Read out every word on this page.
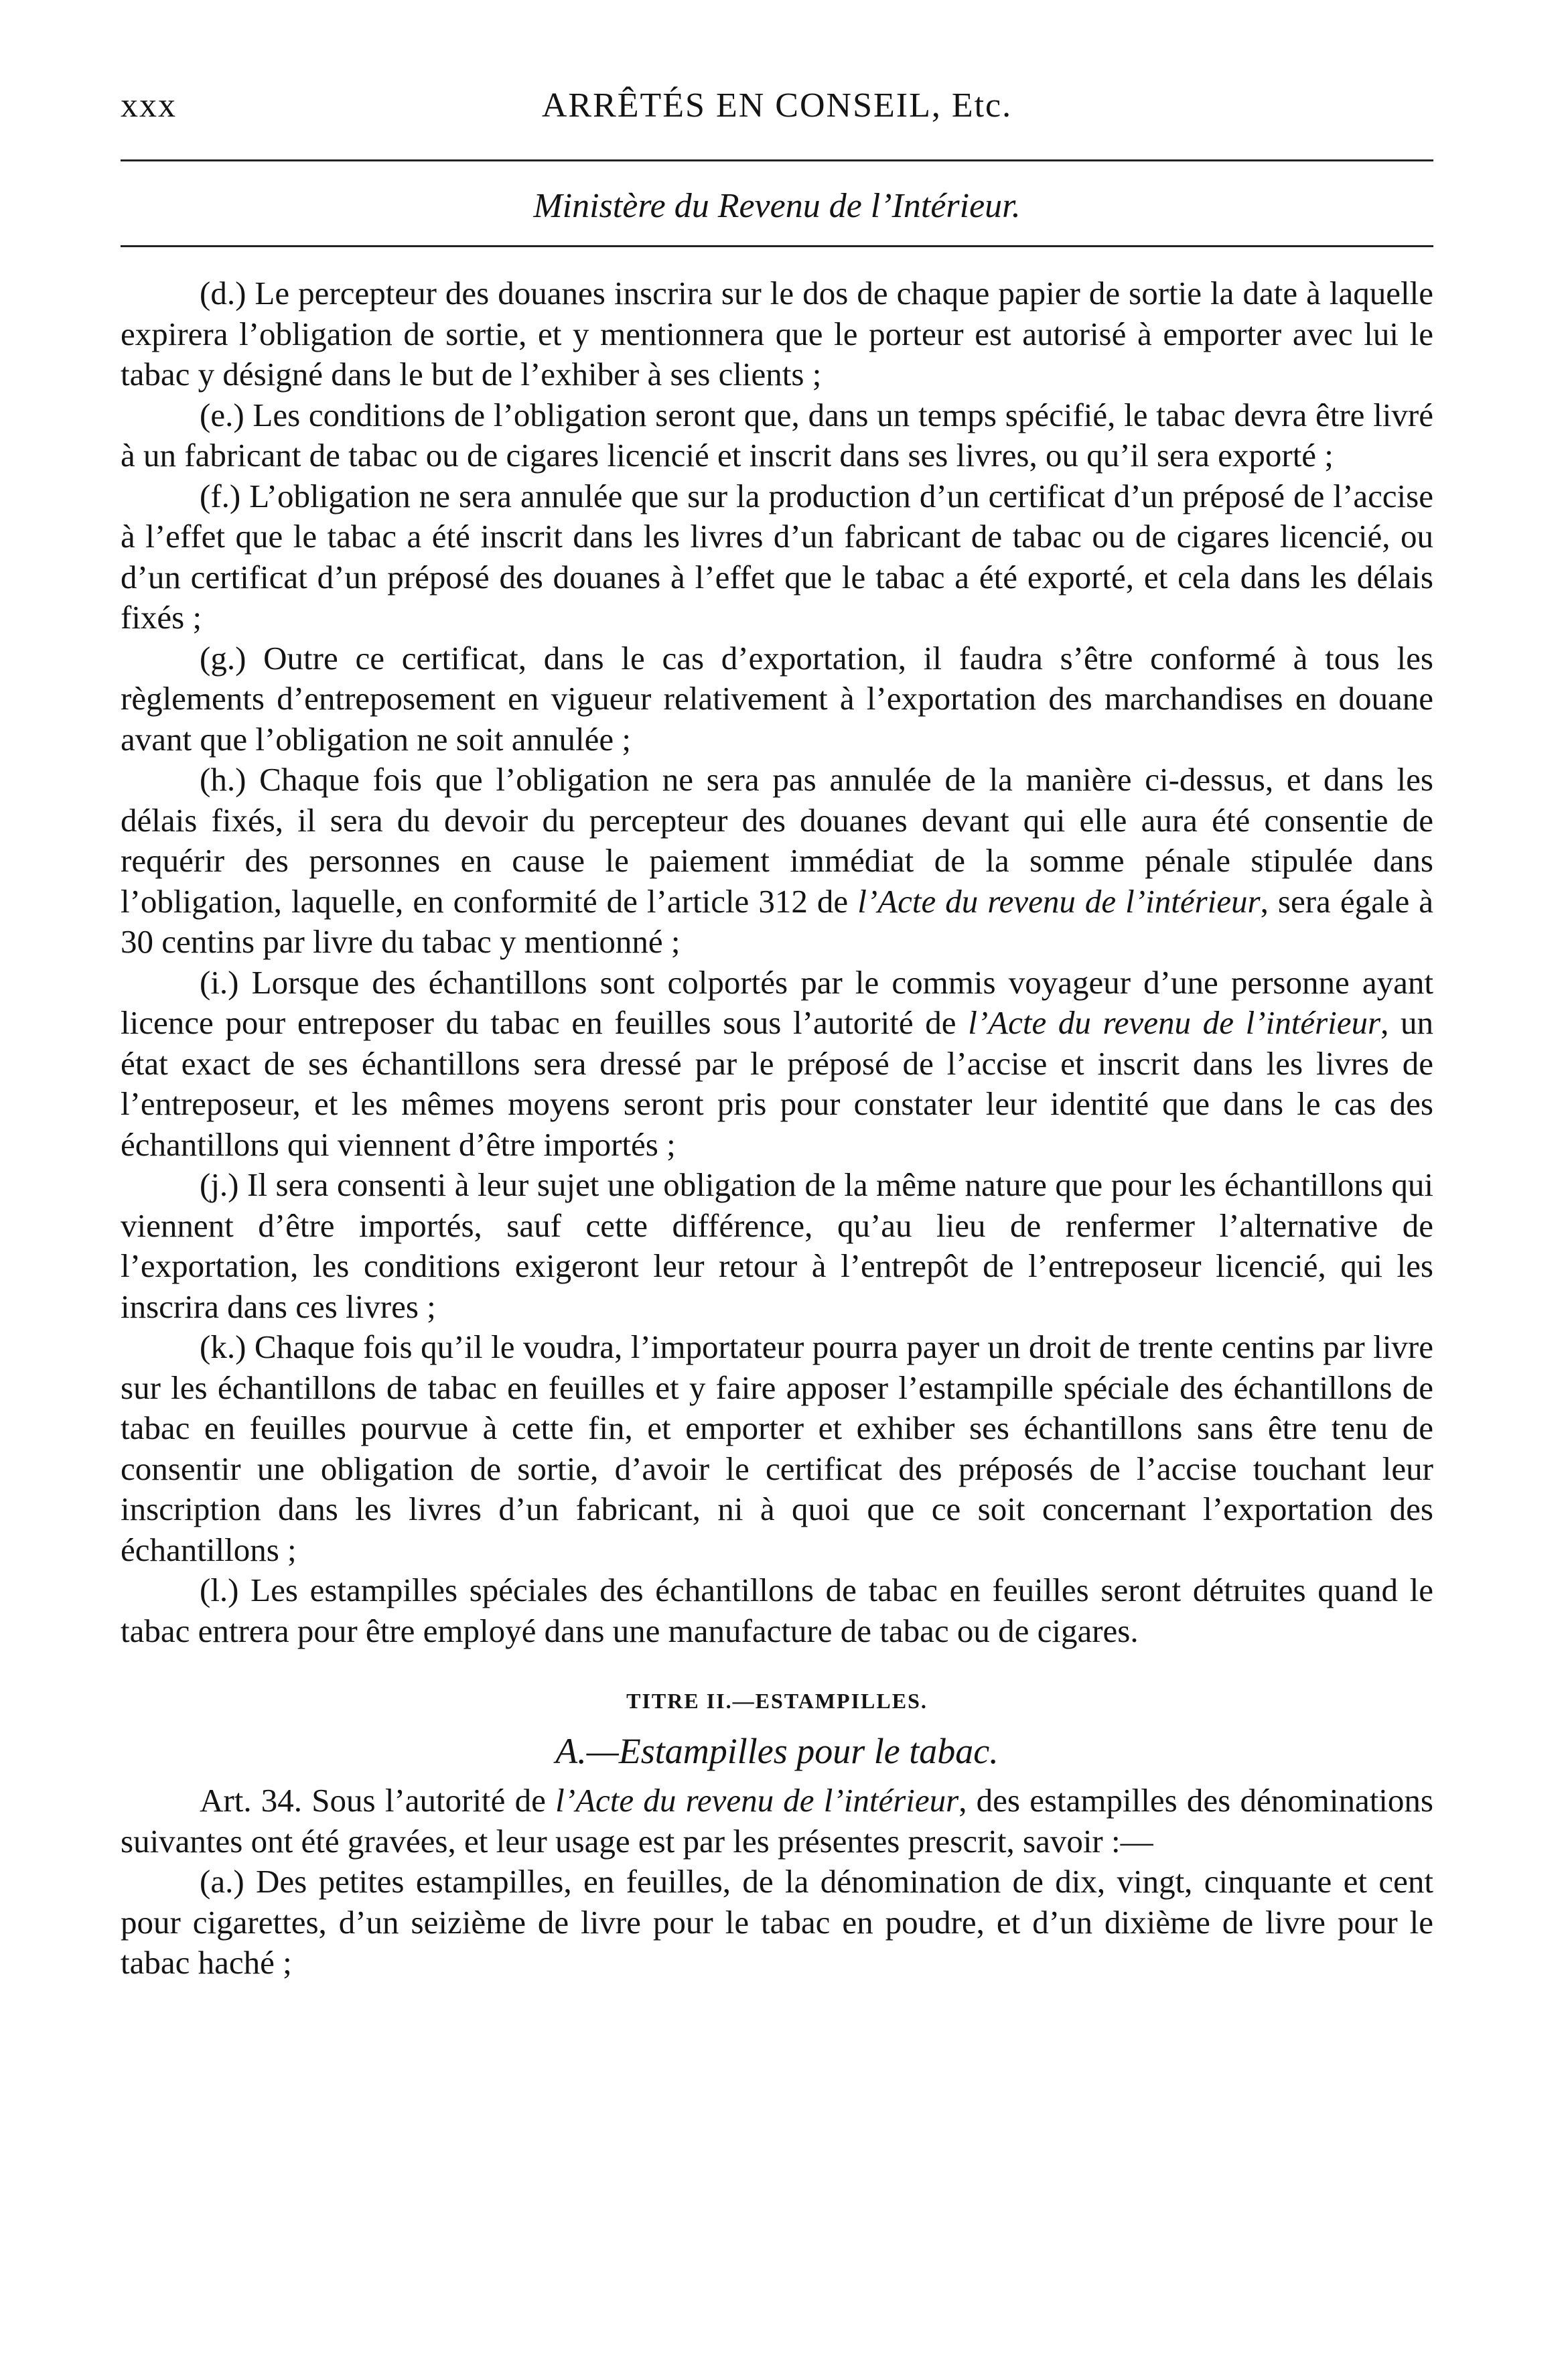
xxx	ARRÊTÉS EN CONSEIL, Etc.
Ministère du Revenu de l’Intérieur.

(d.) Le percepteur des douanes inscrira sur le dos de chaque papier de sortie la date à laquelle expirera l’obligation de sortie, et y mentionnera que le porteur est autorisé à emporter avec lui le tabac y désigné dans le but de l’exhiber à ses clients ;

(e.) Les conditions de l’obligation seront que, dans un temps spécifié, le tabac devra être livré à un fabricant de tabac ou de cigares licencié et inscrit dans ses livres, ou qu’il sera exporté ;

(f.) L’obligation ne sera annulée que sur la production d’un certificat d’un préposé de l’accise à l’effet que le tabac a été inscrit dans les livres d’un fabricant de tabac ou de cigares licencié, ou d’un certificat d’un préposé des douanes à l’effet que le tabac a été exporté, et cela dans les délais fixés ;

(g.) Outre ce certificat, dans le cas d’exportation, il faudra s’être conformé à tous les règlements d’entreposement en vigueur relativement à l’exportation des marchandises en douane avant que l’obligation ne soit annulée ;

(h.) Chaque fois que l’obligation ne sera pas annulée de la manière ci-dessus, et dans les délais fixés, il sera du devoir du percepteur des douanes devant qui elle aura été consentie de requérir des personnes en cause le paiement immédiat de la somme pénale stipulée dans l’obligation, laquelle, en conformité de l’article 312 de l’Acte du revenu de l’intérieur, sera égale à 30 centins par livre du tabac y mentionné ;

(i.) Lorsque des échantillons sont colportés par le commis voyageur d’une personne ayant licence pour entreposer du tabac en feuilles sous l’autorité de l’Acte du revenu de l’intérieur, un état exact de ses échantillons sera dressé par le préposé de l’accise et inscrit dans les livres de l’entreposeur, et les mêmes moyens seront pris pour constater leur identité que dans le cas des échantillons qui viennent d’être importés ;

(j.) Il sera consenti à leur sujet une obligation de la même nature que pour les échantillons qui viennent d’être importés, sauf cette différence, qu’au lieu de renfermer l’alternative de l’exportation, les conditions exigeront leur retour à l’entrepôt de l’entreposeur licencié, qui les inscrira dans ces livres ;

(k.) Chaque fois qu’il le voudra, l’importateur pourra payer un droit de trente centins par livre sur les échantillons de tabac en feuilles et y faire apposer l’estampille spéciale des échantillons de tabac en feuilles pourvue à cette fin, et emporter et exhiber ses échantillons sans être tenu de consentir une obligation de sortie, d’avoir le certificat des préposés de l’accise touchant leur inscription dans les livres d’un fabricant, ni à quoi que ce soit concernant l’exportation des échantillons ;

(l.) Les estampilles spéciales des échantillons de tabac en feuilles seront détruites quand le tabac entrera pour être employé dans une manufacture de tabac ou de cigares.

TITRE II.—ESTAMPILLES.

A.—Estampilles pour le tabac.

Art. 34. Sous l’autorité de l’Acte du revenu de l’intérieur, des estampilles des dénominations suivantes ont été gravées, et leur usage est par les présentes prescrit, savoir :—

(a.) Des petites estampilles, en feuilles, de la dénomination de dix, vingt, cinquante et cent pour cigarettes, d’un seizième de livre pour le tabac en poudre, et d’un dixième de livre pour le tabac haché ;
